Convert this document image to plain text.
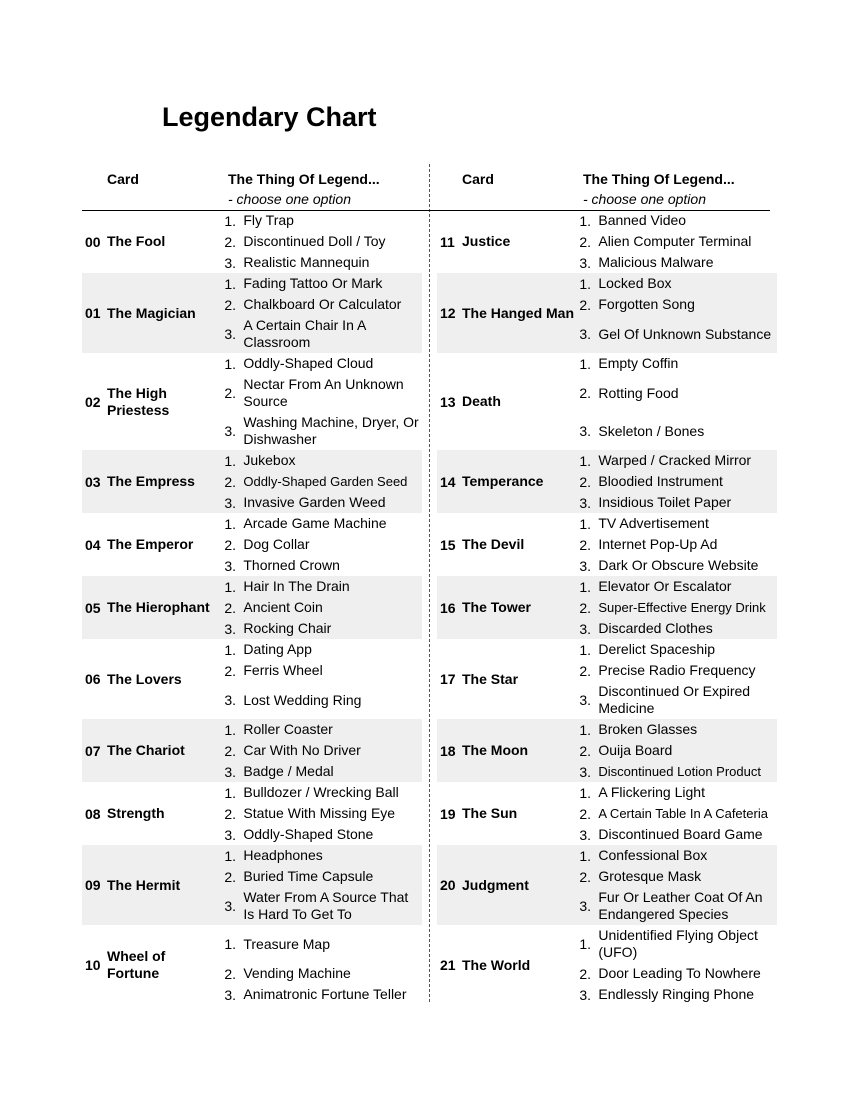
Legendary Chart
Card	The Thing Of Legend...
- choose one option
00 The Fool
1. Fly Trap
2. Discontinued Doll / Toy
3. Realistic Mannequin
01 The Magician
1. Fading Tattoo Or Mark
2. Chalkboard Or Calculator
3.
A Certain Chair In A Classroom
02
The High Priestess
1. Oddly-Shaped Cloud
2.
Nectar From An Unknown Source
3.
Washing Machine, Dryer, Or Dishwasher
03 The Empress
1. Jukebox
2. Oddly-Shaped Garden Seed
3. Invasive Garden Weed
04 The Emperor
1. Arcade Game Machine
2. Dog Collar
3. Thorned Crown
05 The Hierophant
1. Hair In The Drain
2. Ancient Coin
3. Rocking Chair
06 The Lovers
1. Dating App
2. Ferris Wheel
3. Lost Wedding Ring
07 The Chariot
1. Roller Coaster
2. Car With No Driver
3. Badge / Medal
08 Strength
1. Bulldozer / Wrecking Ball
2. Statue With Missing Eye
3. Oddly-Shaped Stone
09 The Hermit
1. Headphones
2. Buried Time Capsule
3.
Water From A Source That Is Hard To Get To
10
Wheel of Fortune
1. Treasure Map
2. Vending Machine
3. Animatronic Fortune Teller
Card	The Thing Of Legend...
- choose one option
11 Justice
1. Banned Video
2. Alien Computer Terminal
3. Malicious Malware
12 The Hanged Man
1. Locked Box
2. Forgotten Song
3. Gel Of Unknown Substance
13 Death
1. Empty Coffin
2. Rotting Food
3. Skeleton / Bones
14 Temperance
1. Warped / Cracked Mirror
2. Bloodied Instrument
3. Insidious Toilet Paper
15 The Devil
1. TV Advertisement
2. Internet Pop-Up Ad
3. Dark Or Obscure Website
16 The Tower
1. Elevator Or Escalator
2. Super-Effective Energy Drink
3. Discarded Clothes
17 The Star
1. Derelict Spaceship
2. Precise Radio Frequency
3.
Discontinued Or Expired Medicine
18 The Moon
1. Broken Glasses
2. Ouija Board
3. Discontinued Lotion Product
19 The Sun
1. A Flickering Light
2. A Certain Table In A Cafeteria
3. Discontinued Board Game
20 Judgment
1. Confessional Box
2. Grotesque Mask
3.
Fur Or Leather Coat Of An Endangered Species
21 The World
1.
Unidentified Flying Object (UFO)
2. Door Leading To Nowhere
3. Endlessly Ringing Phone
